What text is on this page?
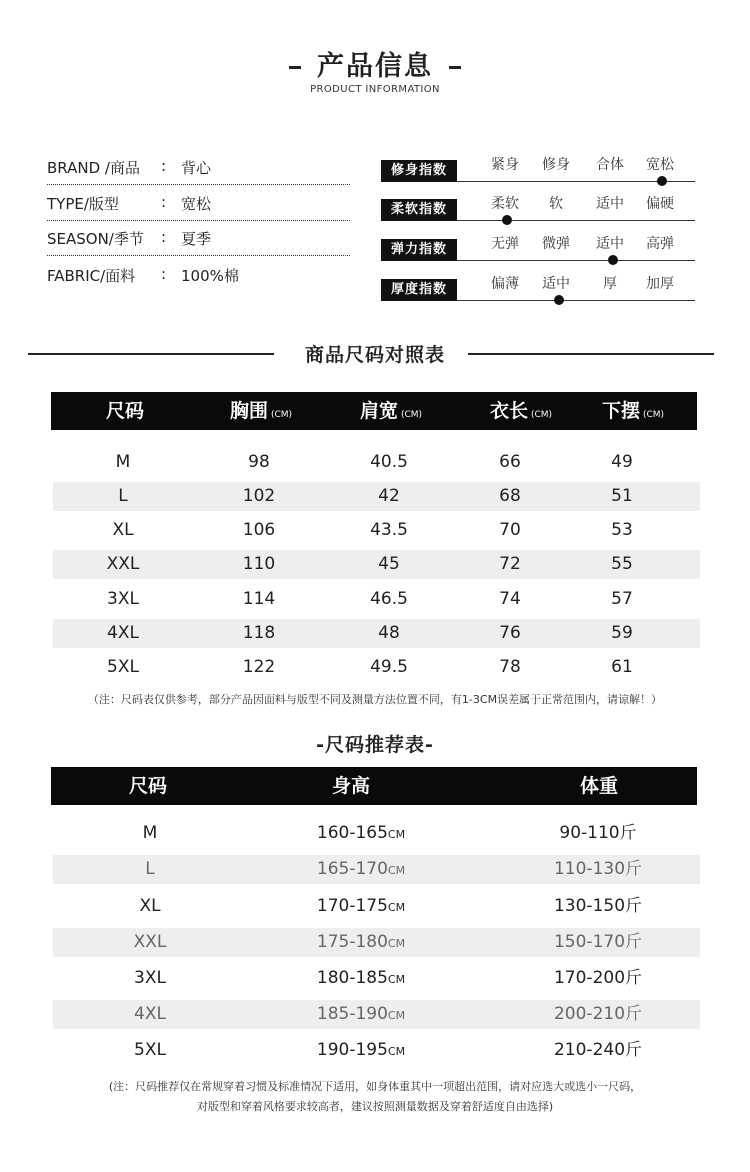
产品信息
PRODUCT INFORMATION
BRAND /商品 : 背心
TYPE/版型	: 宽松
SEASON/季节 : 夏季
FABRIC/面料 : 100%棉
修身指数	紧身	修身	合体	宽松
柔软指数	柔软	软	适中	偏硬
弹力指数	无弹	微弹	适中	高弹
厚度指数	偏薄	适中	厚	加厚
商品尺码对照表
尺码	胸围 (CM)	肩宽 (CM)	衣长 (CM)	下摆 (CM)
M	98	40.5	66	49
L	102	42	68	51
XL	106	43.5	70	53
XXL	110	45	72	55
3XL	114	46.5	74	57
4XL	118	48	76	59
5XL	122	49.5	78	61
（注：尺码表仅供参考，部分产品因面料与版型不同及测量方法位置不同，有1-3CM误差属于正常范围内，请谅解！）
-尺码推荐表-
尺码	身高	体重
M	160-165CM	90-110斤
L	165-170CM	110-130斤
XL	170-175CM	130-150斤
XXL	175-180CM	150-170斤
3XL	180-185CM	170-200斤
4XL	185-190CM	200-210斤
5XL	190-195CM	210-240斤
(注：尺码推荐仅在常规穿着习惯及标准情况下适用，如身体重其中一项超出范围，请对应选大或选小一尺码，
对版型和穿着风格要求较高者，建议按照测量数据及穿着舒适度自由选择)
